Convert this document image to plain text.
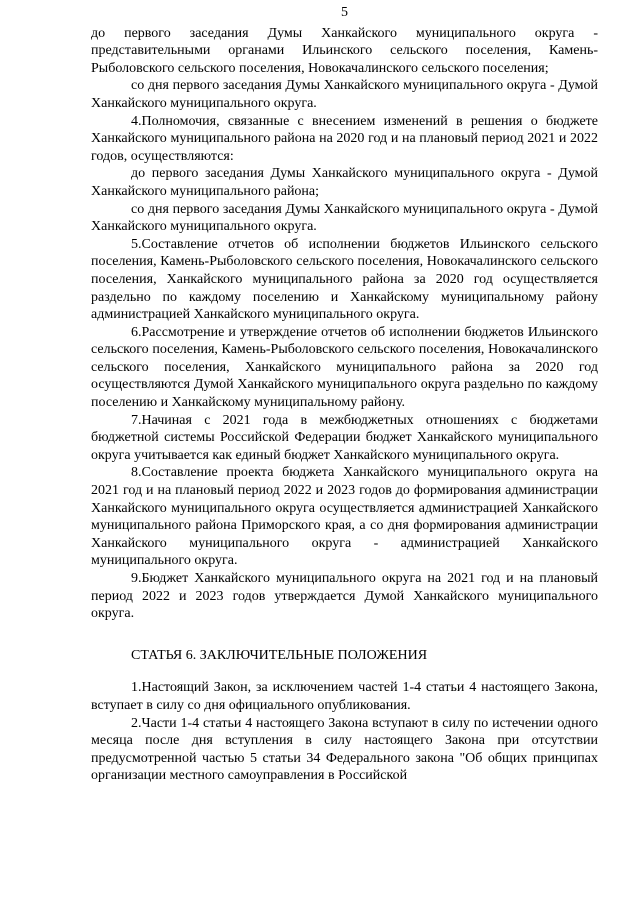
5

до первого заседания Думы Ханкайского муниципального округа - представительными органами Ильинского сельского поселения, Камень-Рыболовского сельского поселения, Новокачалинского сельского поселения;

со дня первого заседания Думы Ханкайского муниципального округа - Думой Ханкайского муниципального округа.

4.Полномочия, связанные с внесением изменений в решения о бюджете Ханкайского муниципального района на 2020 год и на плановый период 2021 и 2022 годов, осуществляются:

до первого заседания Думы Ханкайского муниципального округа - Думой Ханкайского муниципального района;

со дня первого заседания Думы Ханкайского муниципального округа - Думой Ханкайского муниципального округа.

5.Составление отчетов об исполнении бюджетов Ильинского сельского поселения, Камень-Рыболовского сельского поселения, Новокачалинского сельского поселения, Ханкайского муниципального района за 2020 год осуществляется раздельно по каждому поселению и Ханкайскому муниципальному району администрацией Ханкайского муниципального округа.

6.Рассмотрение и утверждение отчетов об исполнении бюджетов Ильинского сельского поселения, Камень-Рыболовского сельского поселения, Новокачалинского сельского поселения, Ханкайского муниципального района за 2020 год осуществляются Думой Ханкайского муниципального округа раздельно по каждому поселению и Ханкайскому муниципальному району.

7.Начиная с 2021 года в межбюджетных отношениях с бюджетами бюджетной системы Российской Федерации бюджет Ханкайского муниципального округа учитывается как единый бюджет Ханкайского муниципального округа.

8.Составление проекта бюджета Ханкайского муниципального округа на 2021 год и на плановый период 2022 и 2023 годов до формирования администрации Ханкайского муниципального округа осуществляется администрацией Ханкайского муниципального района Приморского края, а со дня формирования администрации Ханкайского муниципального округа - администрацией Ханкайского муниципального округа.

9.Бюджет Ханкайского муниципального округа на 2021 год и на плановый период 2022 и 2023 годов утверждается Думой Ханкайского муниципального округа.

СТАТЬЯ 6. ЗАКЛЮЧИТЕЛЬНЫЕ ПОЛОЖЕНИЯ

1.Настоящий Закон, за исключением частей 1-4 статьи 4 настоящего Закона, вступает в силу со дня официального опубликования.

2.Части 1-4 статьи 4 настоящего Закона вступают в силу по истечении одного месяца после дня вступления в силу настоящего Закона при отсутствии предусмотренной частью 5 статьи 34 Федерального закона "Об общих принципах организации местного самоуправления в Российской
